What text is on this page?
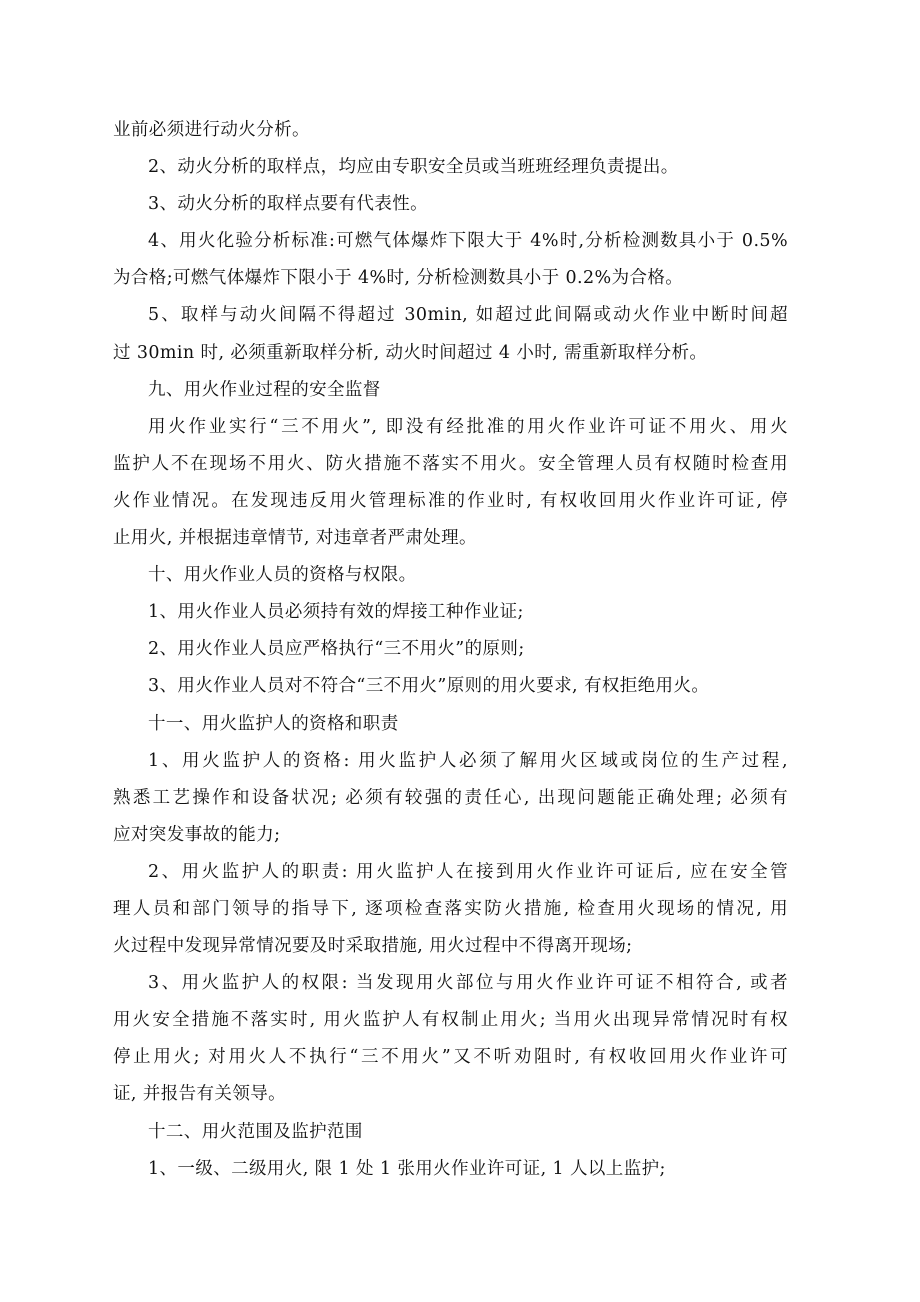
业前必须进行动火分析。
2、动火分析的取样点，均应由专职安全员或当班班经理负责提出。
3、动火分析的取样点要有代表性。
4、用火化验分析标准:可燃气体爆炸下限大于 4%时,分析检测数具小于 0.5%
为合格;可燃气体爆炸下限小于 4%时, 分析检测数具小于 0.2%为合格。
5、取样与动火间隔不得超过 30min, 如超过此间隔或动火作业中断时间超
过 30min 时, 必须重新取样分析, 动火时间超过 4 小时, 需重新取样分析。
九、用火作业过程的安全监督
用火作业实行“三不用火”, 即没有经批准的用火作业许可证不用火、用火
监护人不在现场不用火、防火措施不落实不用火。安全管理人员有权随时检查用
火作业情况。在发现违反用火管理标准的作业时, 有权收回用火作业许可证, 停
止用火, 并根据违章情节, 对违章者严肃处理。
十、用火作业人员的资格与权限。
1、用火作业人员必须持有效的焊接工种作业证;
2、用火作业人员应严格执行“三不用火”的原则;
3、用火作业人员对不符合“三不用火”原则的用火要求, 有权拒绝用火。
十一、用火监护人的资格和职责
1、用火监护人的资格: 用火监护人必须了解用火区域或岗位的生产过程,
熟悉工艺操作和设备状况; 必须有较强的责任心, 出现问题能正确处理; 必须有
应对突发事故的能力;
2、用火监护人的职责: 用火监护人在接到用火作业许可证后, 应在安全管
理人员和部门领导的指导下, 逐项检查落实防火措施, 检查用火现场的情况, 用
火过程中发现异常情况要及时采取措施, 用火过程中不得离开现场;
3、用火监护人的权限: 当发现用火部位与用火作业许可证不相符合, 或者
用火安全措施不落实时, 用火监护人有权制止用火; 当用火出现异常情况时有权
停止用火; 对用火人不执行“三不用火”又不听劝阻时, 有权收回用火作业许可
证, 并报告有关领导。
十二、用火范围及监护范围
1、一级、二级用火, 限 1 处 1 张用火作业许可证, 1 人以上监护;
